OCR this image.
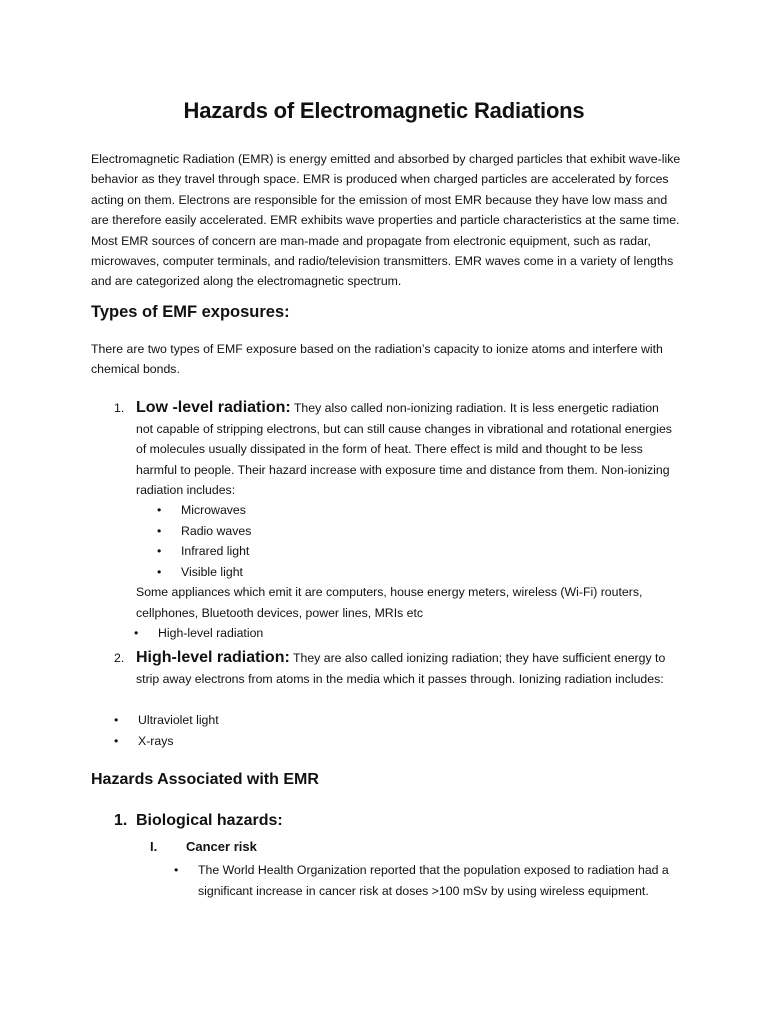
Hazards of Electromagnetic Radiations

Electromagnetic Radiation (EMR) is energy emitted and absorbed by charged particles that exhibit wave-like behavior as they travel through space. EMR is produced when charged particles are accelerated by forces acting on them. Electrons are responsible for the emission of most EMR because they have low mass and are therefore easily accelerated. EMR exhibits wave properties and particle characteristics at the same time. Most EMR sources of concern are man-made and propagate from electronic equipment, such as radar, microwaves, computer terminals, and radio/television transmitters. EMR waves come in a variety of lengths and are categorized along the electromagnetic spectrum.

Types of EMF exposures:

There are two types of EMF exposure based on the radiation’s capacity to ionize atoms and interfere with chemical bonds.

1. Low -level radiation: They also called non-ionizing radiation. It is less energetic radiation not capable of stripping electrons, but can still cause changes in vibrational and rotational energies of molecules usually dissipated in the form of heat. There effect is mild and thought to be less harmful to people. Their hazard increase with exposure time and distance from them. Non-ionizing radiation includes:
• Microwaves
• Radio waves
• Infrared light
• Visible light
Some appliances which emit it are computers, house energy meters, wireless (Wi-Fi) routers, cellphones, Bluetooth devices, power lines, MRIs etc
• High-level radiation
2. High-level radiation: They are also called ionizing radiation; they have sufficient energy to strip away electrons from atoms in the media which it passes through. Ionizing radiation includes:
• Ultraviolet light
• X-rays
Hazards Associated with EMR
1. Biological hazards:
I. Cancer risk
• The World Health Organization reported that the population exposed to radiation had a significant increase in cancer risk at doses >100 mSv by using wireless equipment.
